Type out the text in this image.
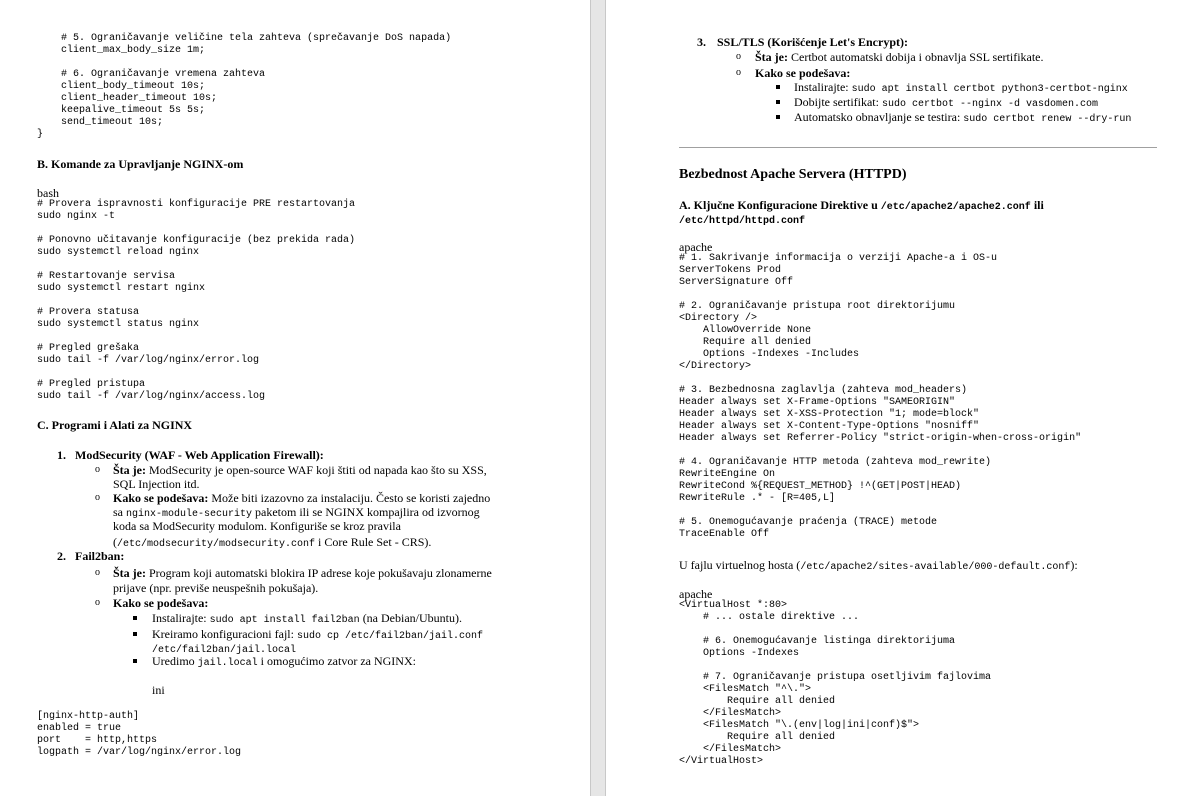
# 5. Ograničavanje veličine tela zahteva (sprečavanje DoS napada)
client_max_body_size 1m;
# 6. Ograničavanje vremena zahteva
client_body_timeout 10s;
client_header_timeout 10s;
keepalive_timeout 5s 5s;
send_timeout 10s;
}
B. Komande za Upravljanje NGINX-om
bash
# Provera ispravnosti konfiguracije PRE restartovanja
sudo nginx -t
# Ponovno učitavanje konfiguracije (bez prekida rada)
sudo systemctl reload nginx
# Restartovanje servisa
sudo systemctl restart nginx
# Provera statusa
sudo systemctl status nginx
# Pregled grešaka
sudo tail -f /var/log/nginx/error.log
# Pregled pristupa
sudo tail -f /var/log/nginx/access.log
C. Programi i Alati za NGINX
1. ModSecurity (WAF - Web Application Firewall):
o Šta je: ModSecurity je open-source WAF koji štiti od napada kao što su XSS,
SQL Injection itd.
o Kako se podešava: Može biti izazovno za instalaciju. Često se koristi zajedno
sa nginx-module-security paketom ili se NGINX kompajlira od izvornog
koda sa ModSecurity modulom. Konfiguriše se kroz pravila
(/etc/modsecurity/modsecurity.conf i Core Rule Set - CRS).
2. Fail2ban:
o Šta je: Program koji automatski blokira IP adrese koje pokušavaju zlonamerne
prijave (npr. previše neuspešnih pokušaja).
o Kako se podešava:
Instalirajte: sudo apt install fail2ban (na Debian/Ubuntu).
Kreiramo konfiguracioni fajl: sudo cp /etc/fail2ban/jail.conf
/etc/fail2ban/jail.local
Uredimo jail.local i omogućimo zatvor za NGINX:
ini
[nginx-http-auth]
enabled = true
port    = http,https
logpath = /var/log/nginx/error.log
3. SSL/TLS (Korišćenje Let's Encrypt):
o Šta je: Certbot automatski dobija i obnavlja SSL sertifikate.
o Kako se podešava:
Instalirajte: sudo apt install certbot python3-certbot-nginx
Dobijte sertifikat: sudo certbot --nginx -d vasdomen.com
Automatsko obnavljanje se testira: sudo certbot renew --dry-run
Bezbednost Apache Servera (HTTPD)
A. Ključne Konfiguracione Direktive u /etc/apache2/apache2.conf ili
/etc/httpd/httpd.conf
apache
# 1. Sakrivanje informacija o verziji Apache-a i OS-u
ServerTokens Prod
ServerSignature Off
# 2. Ograničavanje pristupa root direktorijumu
<Directory />
AllowOverride None
Require all denied
Options -Indexes -Includes
</Directory>
# 3. Bezbednosna zaglavlja (zahteva mod_headers)
Header always set X-Frame-Options "SAMEORIGIN"
Header always set X-XSS-Protection "1; mode=block"
Header always set X-Content-Type-Options "nosniff"
Header always set Referrer-Policy "strict-origin-when-cross-origin"
# 4. Ograničavanje HTTP metoda (zahteva mod_rewrite)
RewriteEngine On
RewriteCond %{REQUEST_METHOD} !^(GET|POST|HEAD)
RewriteRule .* - [R=405,L]
# 5. Onemogućavanje praćenja (TRACE) metode
TraceEnable Off
U fajlu virtuelnog hosta (/etc/apache2/sites-available/000-default.conf):
apache
<VirtualHost *:80>
# ... ostale direktive ...
# 6. Onemogućavanje listinga direktorijuma
Options -Indexes
# 7. Ograničavanje pristupa osetljivim fajlovima
<FilesMatch "^\.">
Require all denied
</FilesMatch>
<FilesMatch "\.(env|log|ini|conf)$">
Require all denied
</FilesMatch>
</VirtualHost>
